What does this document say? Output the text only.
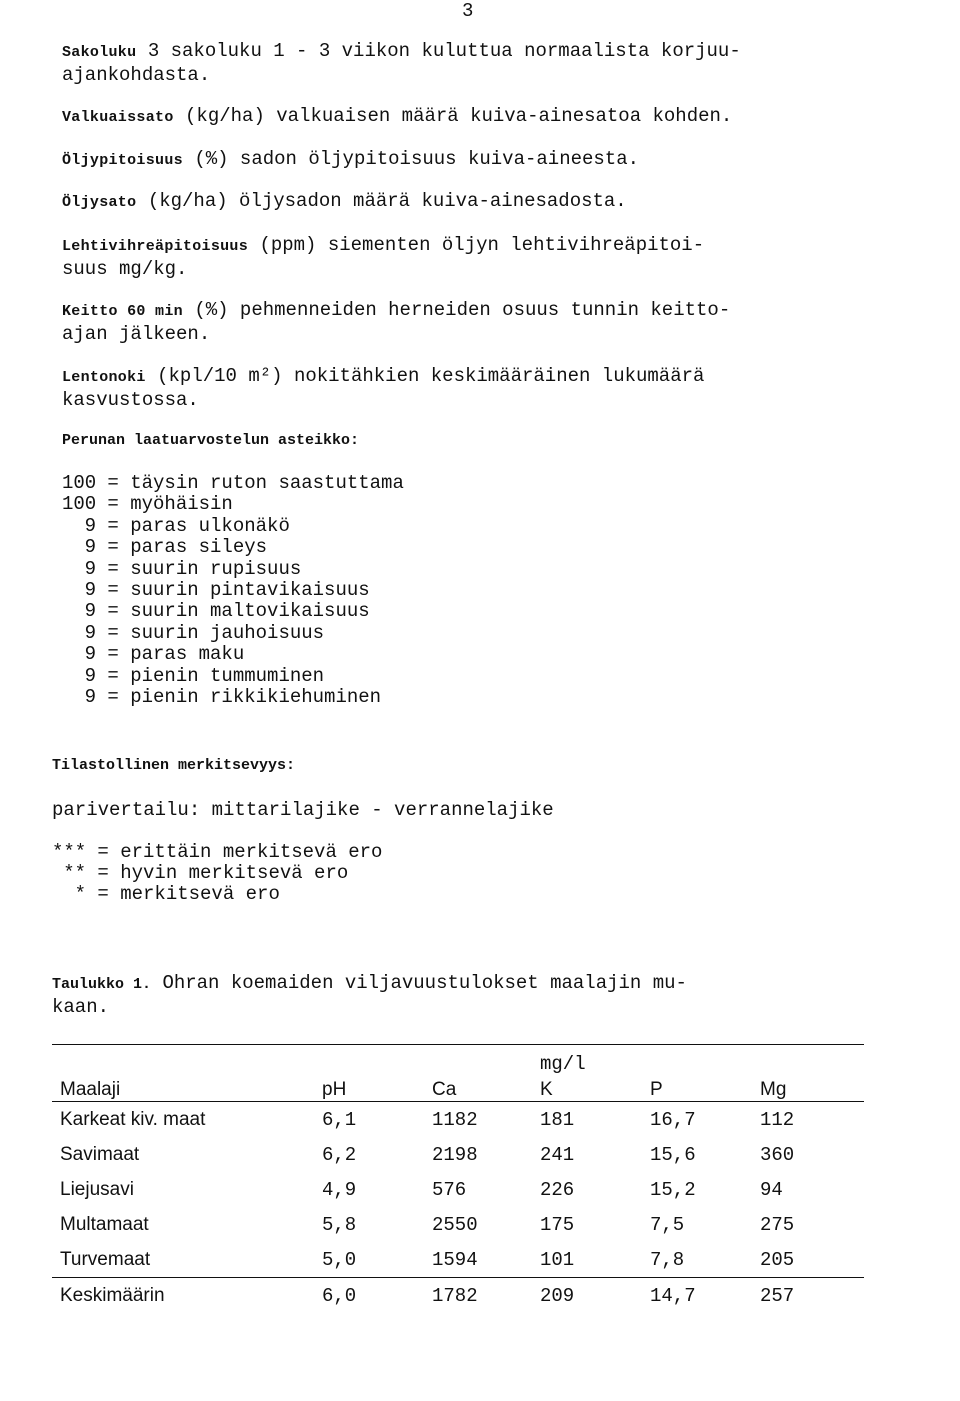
3
Sakoluku 3 sakoluku 1 - 3 viikon kuluttua normaalista korjuu-
ajankohdasta.
Valkuaissato (kg/ha) valkuaisen määrä kuiva-ainesatoa kohden.
Öljypitoisuus (%) sadon öljypitoisuus kuiva-aineesta.
Öljysato (kg/ha) öljysadon määrä kuiva-ainesadosta.
Lehtivihreäpitoisuus (ppm) siementen öljyn lehtivihreäpitoi-
suus mg/kg.
Keitto 60 min (%) pehmenneiden herneiden osuus tunnin keitto-
ajan jälkeen.
Lentonoki (kpl/10 m²) nokitähkien keskimääräinen lukumäärä
kasvustossa.
Perunan laatuarvostelun asteikko:
100 = täysin ruton saastuttama
100 = myöhäisin
9 = paras ulkonäkö
9 = paras sileys
9 = suurin rupisuus
9 = suurin pintavikaisuus
9 = suurin maltovikaisuus
9 = suurin jauhoisuus
9 = paras maku
9 = pienin tummuminen
9 = pienin rikkikiehuminen
Tilastollinen merkitsevyys:
parivertailu: mittarilajike - verrannelajike
*** = erittäin merkitsevä ero
** = hyvin merkitsevä ero
* = merkitsevä ero
Taulukko 1. Ohran koemaiden viljavuustulokset maalajin mu-
kaan.

			mg/l		
Maalaji	pH	Ca	K	P	Mg
Karkeat kiv. maat	6,1	1182	181	16,7	112
Savimaat	6,2	2198	241	15,6	360
Liejusavi	4,9	576	226	15,2	94
Multamaat	5,8	2550	175	7,5	275
Turvemaat	5,0	1594	101	7,8	205
Keskimäärin	6,0	1782	209	14,7	257
